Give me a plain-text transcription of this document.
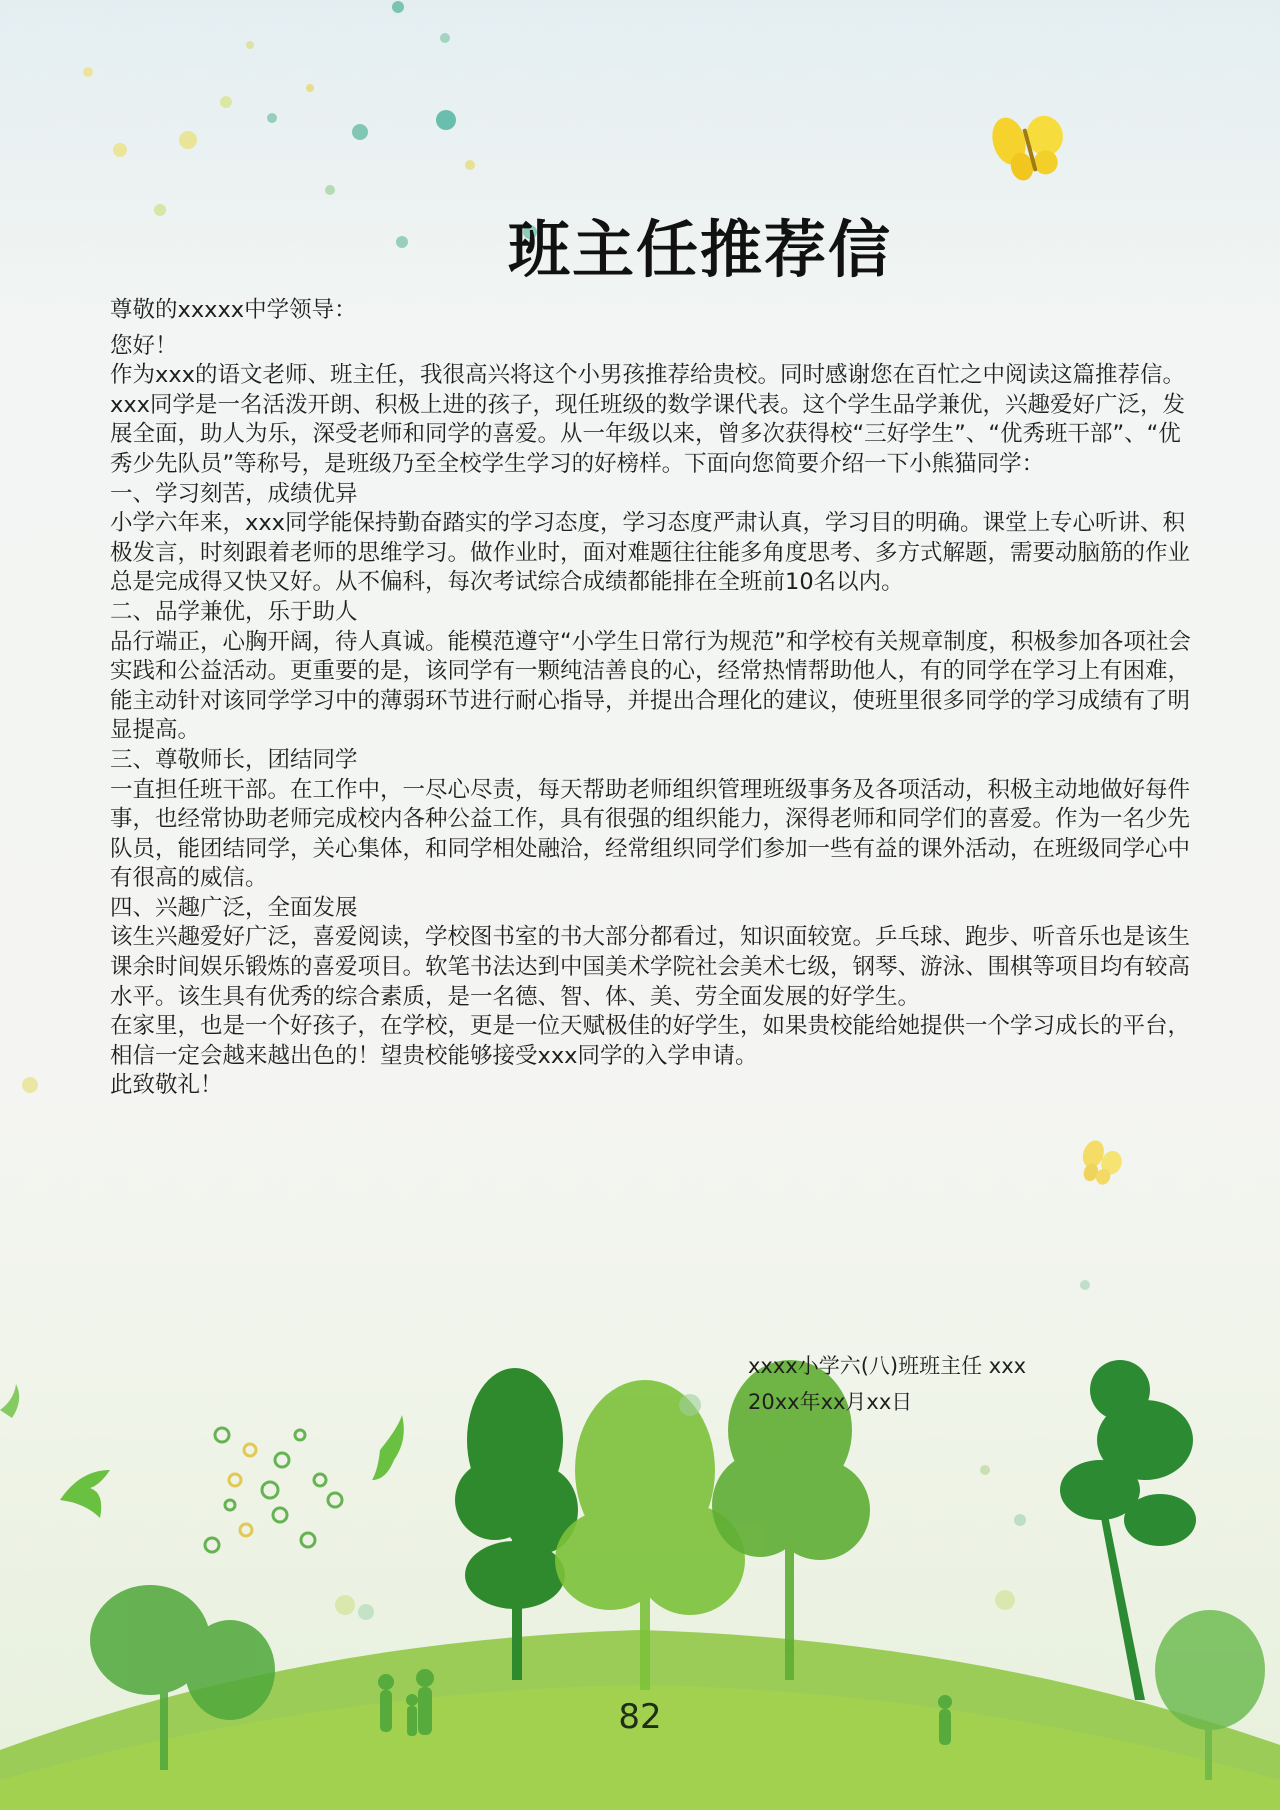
班主任推荐信

尊敬的xxxxx中学领导：

您好！

作为xxx的语文老师、班主任，我很高兴将这个小男孩推荐给贵校。同时感谢您在百忙之中阅读这篇推荐信。

xxx同学是一名活泼开朗、积极上进的孩子，现任班级的数学课代表。这个学生品学兼优，兴趣爱好广泛，发展全面，助人为乐，深受老师和同学的喜爱。从一年级以来，曾多次获得校“三好学生”、“优秀班干部”、“优秀少先队员”等称号，是班级乃至全校学生学习的好榜样。下面向您简要介绍一下小熊猫同学：

一、学习刻苦，成绩优异

小学六年来，xxx同学能保持勤奋踏实的学习态度，学习态度严肃认真，学习目的明确。课堂上专心听讲、积极发言，时刻跟着老师的思维学习。做作业时，面对难题往往能多角度思考、多方式解题，需要动脑筋的作业总是完成得又快又好。从不偏科，每次考试综合成绩都能排在全班前10名以内。

二、品学兼优，乐于助人

品行端正，心胸开阔，待人真诚。能模范遵守“小学生日常行为规范”和学校有关规章制度，积极参加各项社会实践和公益活动。更重要的是，该同学有一颗纯洁善良的心，经常热情帮助他人，有的同学在学习上有困难，能主动针对该同学学习中的薄弱环节进行耐心指导，并提出合理化的建议，使班里很多同学的学习成绩有了明显提高。

三、尊敬师长，团结同学

一直担任班干部。在工作中，一尽心尽责，每天帮助老师组织管理班级事务及各项活动，积极主动地做好每件事，也经常协助老师完成校内各种公益工作，具有很强的组织能力，深得老师和同学们的喜爱。作为一名少先队员，能团结同学，关心集体，和同学相处融洽，经常组织同学们参加一些有益的课外活动，在班级同学心中有很高的威信。

四、兴趣广泛，全面发展

该生兴趣爱好广泛，喜爱阅读，学校图书室的书大部分都看过，知识面较宽。乒乓球、跑步、听音乐也是该生课余时间娱乐锻炼的喜爱项目。软笔书法达到中国美术学院社会美术七级，钢琴、游泳、围棋等项目均有较高水平。该生具有优秀的综合素质，是一名德、智、体、美、劳全面发展的好学生。

在家里，也是一个好孩子，在学校，更是一位天赋极佳的好学生，如果贵校能给她提供一个学习成长的平台，相信一定会越来越出色的！望贵校能够接受xxx同学的入学申请。

此致敬礼！

xxxx小学六(八)班班主任 xxx
20xx年xx月xx日
82
